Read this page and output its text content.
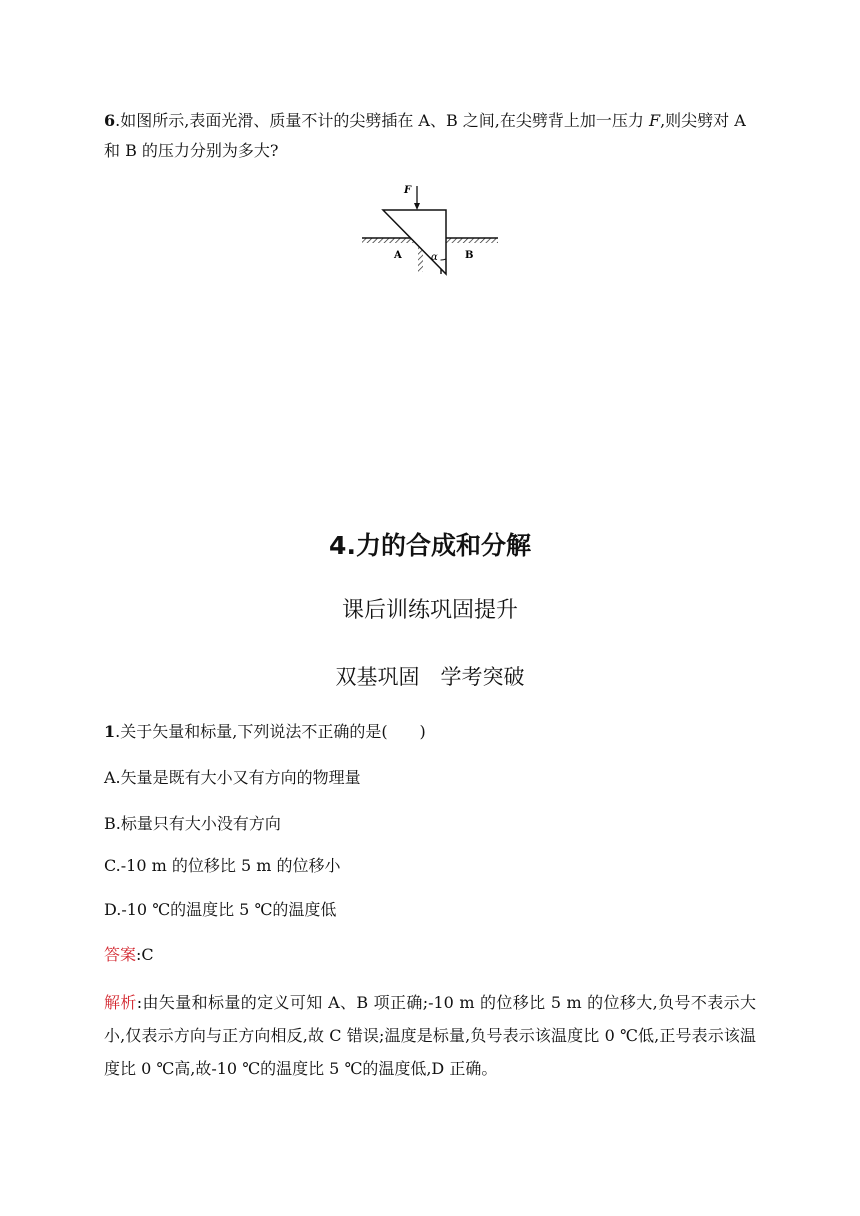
6.如图所示,表面光滑、质量不计的尖劈插在 A、B 之间,在尖劈背上加一压力 F,则尖劈对 A 和 B 的压力分别为多大?
F
A	B
α
4.力的合成和分解
课后训练巩固提升
双基巩固　学考突破
1.关于矢量和标量,下列说法不正确的是(　　)
A.矢量是既有大小又有方向的物理量
B.标量只有大小没有方向
C.-10 m 的位移比 5 m 的位移小
D.-10 ℃的温度比 5 ℃的温度低
答案:C
解析:由矢量和标量的定义可知 A、B 项正确;-10 m 的位移比 5 m 的位移大,负号不表示大小,仅表示方向与正方向相反,故 C 错误;温度是标量,负号表示该温度比 0 ℃低,正号表示该温度比 0 ℃高,故-10 ℃的温度比 5 ℃的温度低,D 正确。
